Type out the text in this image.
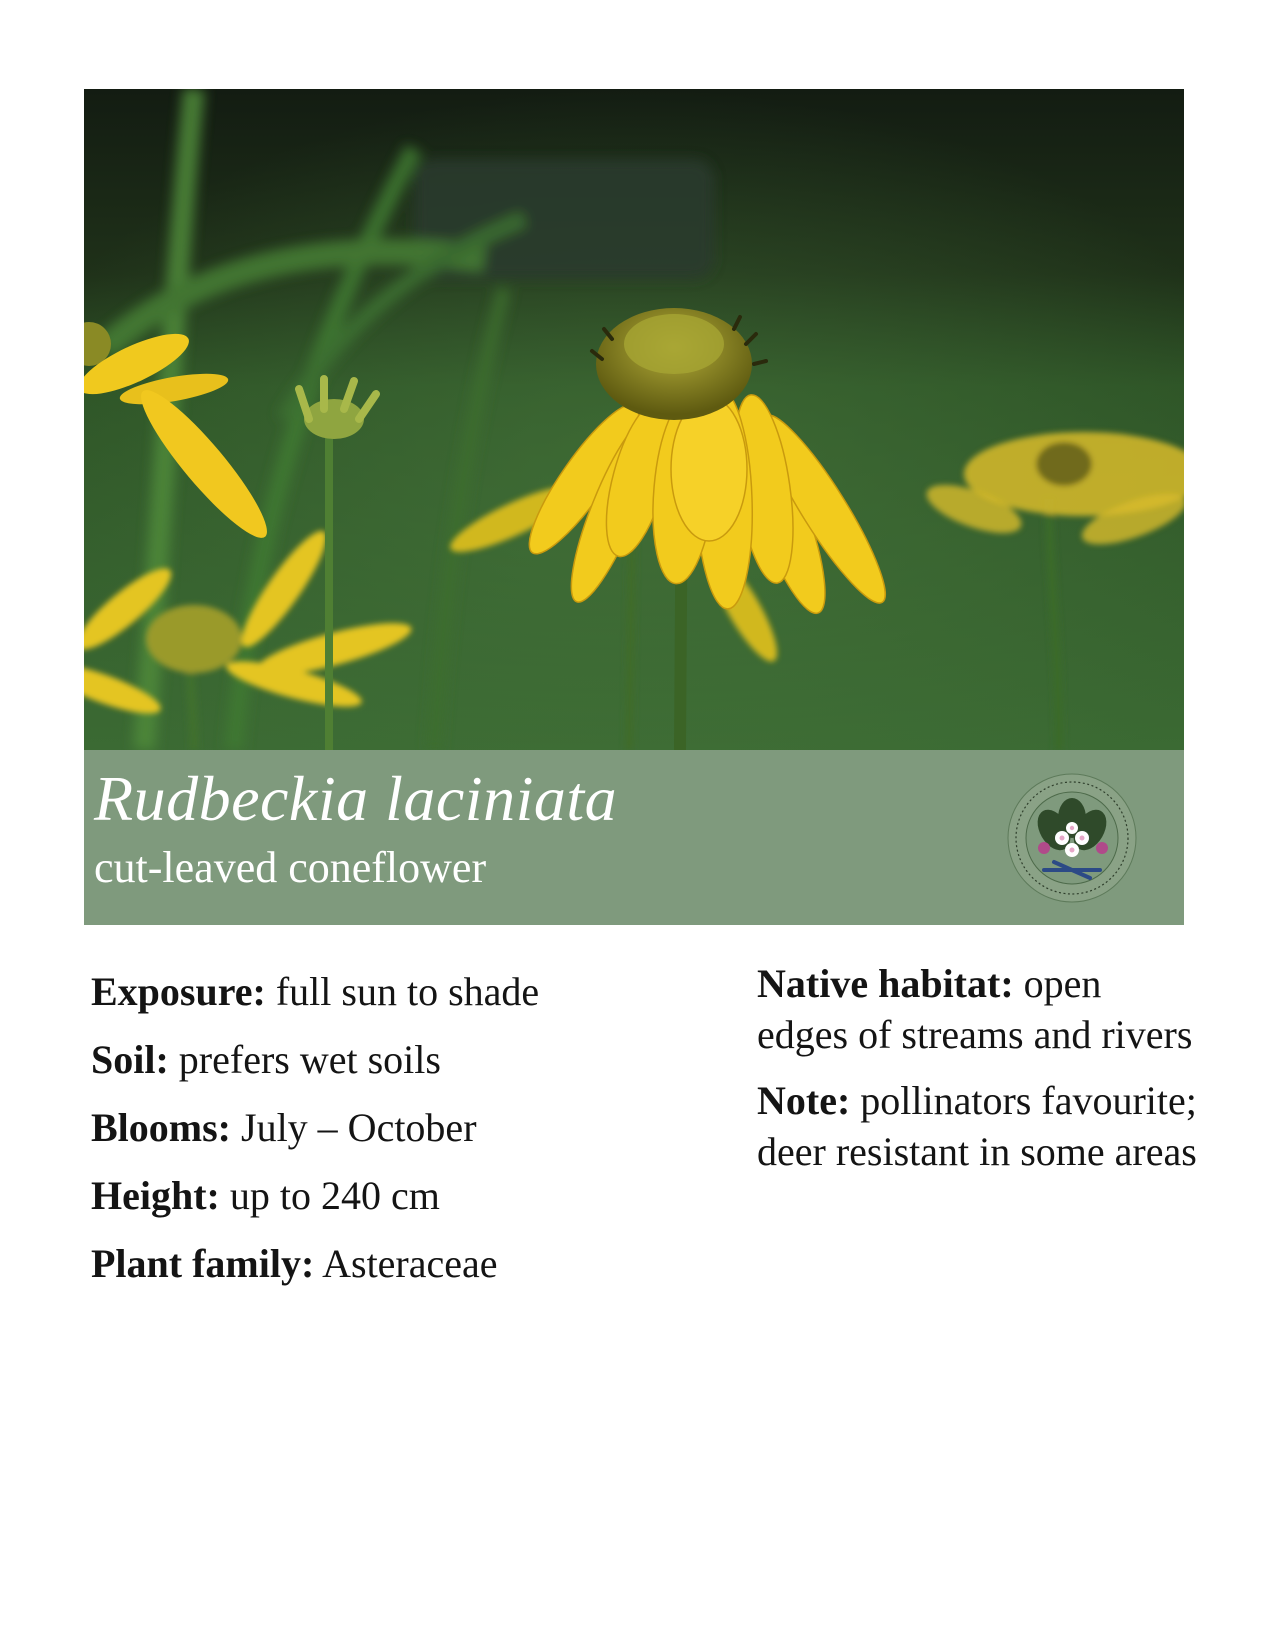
Rudbeckia laciniata
cut-leaved coneflower

Exposure: full sun to shade

Soil: prefers wet soils

Blooms: July – October

Height: up to 240 cm

Plant family: Asteraceae

Native habitat: open edges of streams and rivers

Note: pollinators favourite; deer resistant in some areas
